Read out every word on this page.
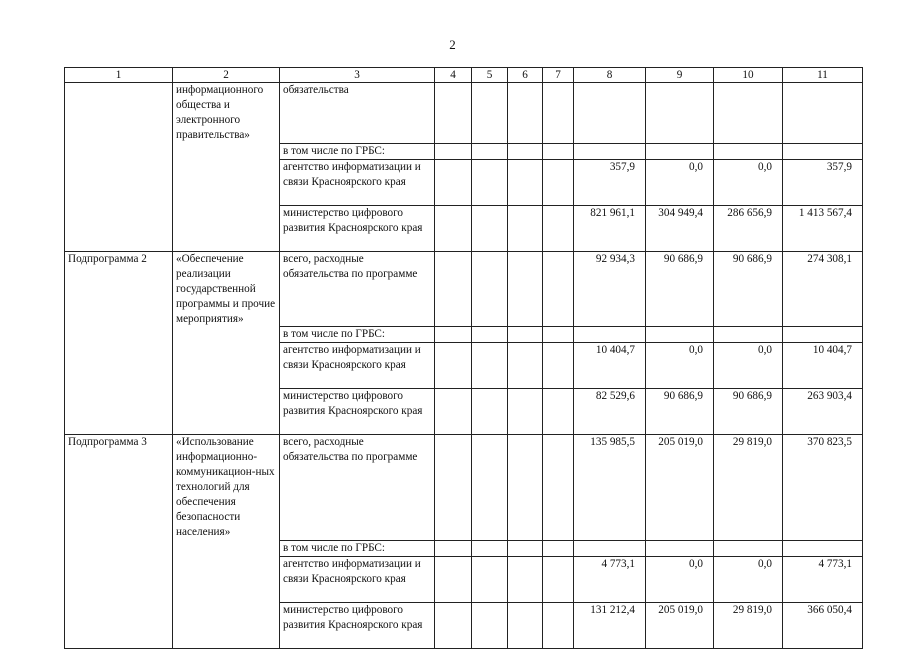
2
1	2	3	4	5	6	7	8	9	10	11
	информационного общества и электронного правительства»	обязательства								
		в том числе по ГРБС:								
		агентство информатизации и связи Красноярского края					357,9	0,0	0,0	357,9
		министерство цифрового развития Красноярского края					821 961,1	304 949,4	286 656,9	1 413 567,4
Подпрограмма 2	«Обеспечение реализации государственной программы и прочие мероприятия»	всего, расходные обязательства по программе					92 934,3	90 686,9	90 686,9	274 308,1
		в том числе по ГРБС:								
		агентство информатизации и связи Красноярского края					10 404,7	0,0	0,0	10 404,7
		министерство цифрового развития Красноярского края					82 529,6	90 686,9	90 686,9	263 903,4
Подпрограмма 3	«Использование информационно-коммуникацион-ных технологий для обеспечения безопасности населения»	всего, расходные обязательства по программе					135 985,5	205 019,0	29 819,0	370 823,5
		в том числе по ГРБС:								
		агентство информатизации и связи Красноярского края					4 773,1	0,0	0,0	4 773,1
		министерство цифрового развития Красноярского края					131 212,4	205 019,0	29 819,0	366 050,4
